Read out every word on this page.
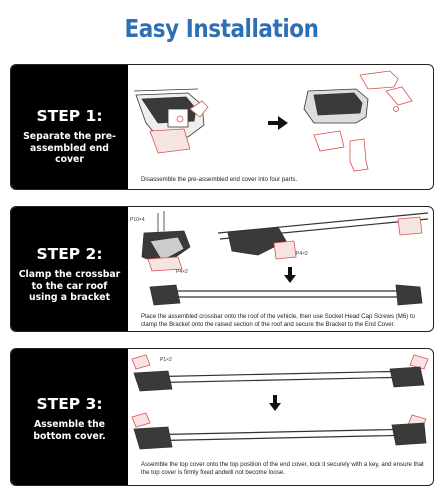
Easy Installation
STEP 1:
Separate the pre-assembled end cover
Disassemble the pre-assembled end cover into four parts.
STEP 2:
Clamp the crossbar to the car roof using a bracket
P10×4
P4×2
P4×2
Place the assembled crossbar onto the roof of the vehicle, then use Socket Head Cap Screws (M6) to clamp the Bracket onto the raised section of the roof and secure the Bracket to the End Cover.
STEP 3:
Assemble the bottom cover.
P1×2
Assemble the top cover onto the top position of the end cover, lock it securely with a key, and ensure that the top cover is firmly fixed andwill not become loose.
